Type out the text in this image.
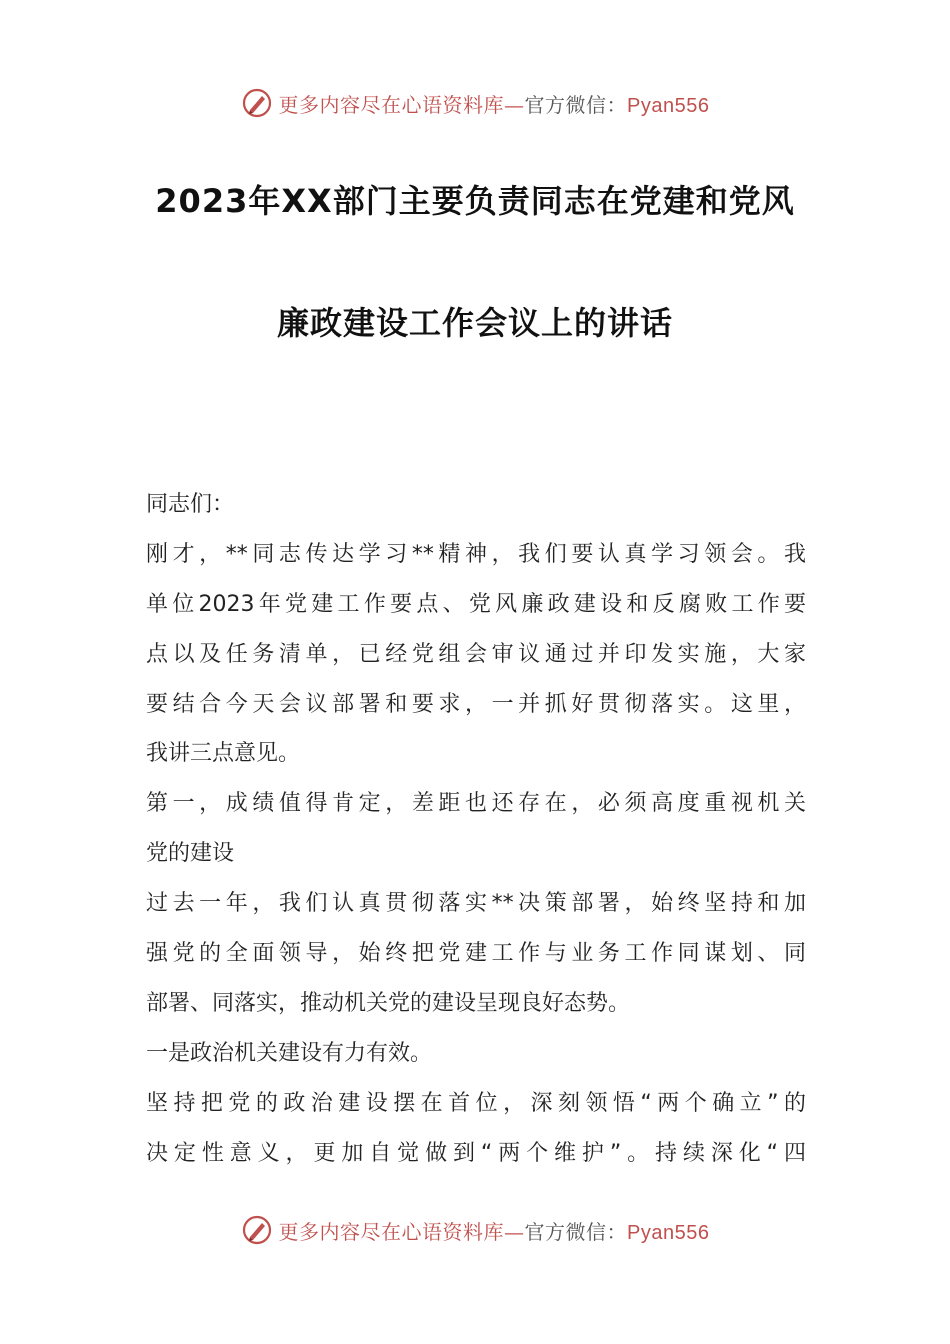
更多内容尽在心语资料库—官方微信：Pyan556
2023年XX部门主要负责同志在党建和党风
廉政建设工作会议上的讲话
同志们：
刚才，**同志传达学习**精神，我们要认真学习领会。我
单位2023年党建工作要点、党风廉政建设和反腐败工作要
点以及任务清单，已经党组会审议通过并印发实施，大家
要结合今天会议部署和要求，一并抓好贯彻落实。这里，
我讲三点意见。
第一，成绩值得肯定，差距也还存在，必须高度重视机关
党的建设
过去一年，我们认真贯彻落实**决策部署，始终坚持和加
强党的全面领导，始终把党建工作与业务工作同谋划、同
部署、同落实，推动机关党的建设呈现良好态势。
一是政治机关建设有力有效。
坚持把党的政治建设摆在首位，深刻领悟“两个确立”的
决定性意义，更加自觉做到“两个维护”。持续深化“四
更多内容尽在心语资料库—官方微信：Pyan556
